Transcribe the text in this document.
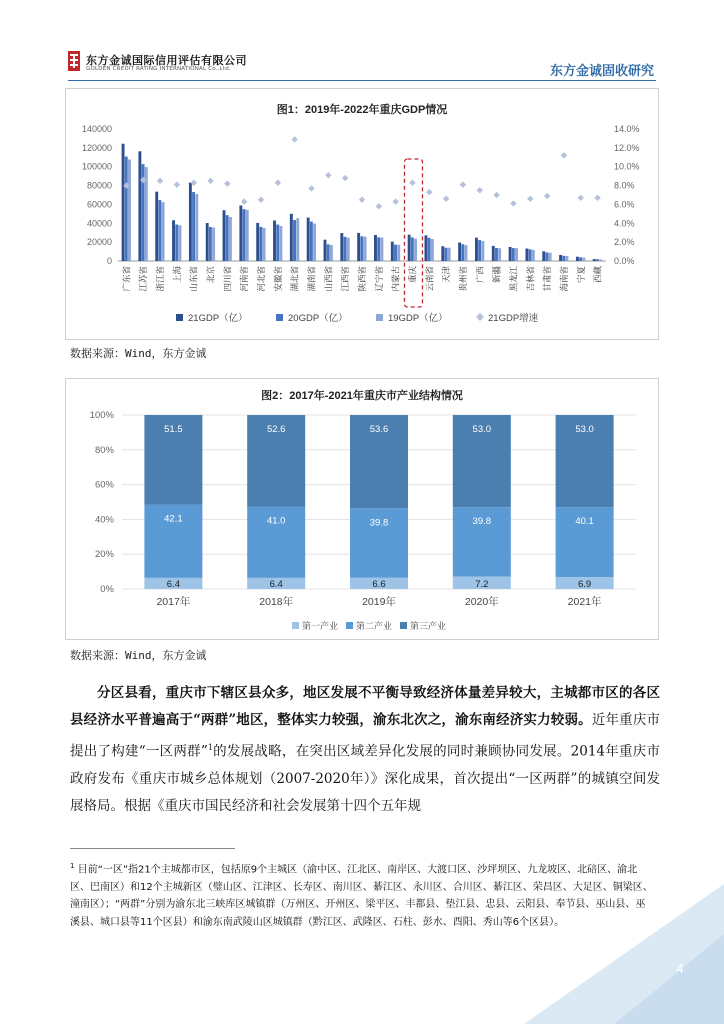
东方金诚国际信用评估有限公司
GOLDEN CREDIT RATING INTERNATIONAL Co.,Ltd.	东方金诚固收研究
图1：2019年-2022年重庆GDP情况
0
20000
40000
60000
80000
100000
120000
140000
0.0%
2.0%
4.0%
6.0%
8.0%
10.0%
12.0%
14.0%
广东省 江苏省 浙江省 上海 山东省 北京 四川省 河南省 河北省 安徽省 湖北省 湖南省 山西省 江西省 陕西省 辽宁省 内蒙古 重庆 云南省 天津 贵州省 广西 新疆 黑龙江 吉林省 甘肃省 海南省 宁夏 西藏
21GDP（亿）	20GDP（亿）	19GDP（亿）	21GDP增速
数据来源：Wind，东方金诚
图2：2017年-2021年重庆市产业结构情况
0%
20%
40%
60%
80%
100%
6.4
42.1
51.5
2017年
6.4
41.0
52.6
2018年
6.6
39.8
53.6
2019年
7.2
39.8
53.0
2020年
6.9
40.1
53.0
2021年
第一产业 第二产业 第三产业
数据来源：Wind，东方金诚
分区县看，重庆市下辖区县众多，地区发展不平衡导致经济体量差异较大，主城都市区的各区县经济水平普遍高于“两群”地区，整体实力较强，渝东北次之，渝东南经济实力较弱。近年重庆市提出了构建“一区两群”$^1$的发展战略，在突出区域差异化发展的同时兼顾协同发展。2014年重庆市政府发布《重庆市城乡总体规划（2007-2020年）》深化成果，首次提出“一区两群”的城镇空间发展格局。根据《重庆市国民经济和社会发展第十四个五年规
$^1$ 目前“一区”指21个主城都市区，包括原9个主城区（渝中区、江北区、南岸区、大渡口区、沙坪坝区、九龙坡区、北碚区、渝北区、巴南区）和12个主城新区（璧山区、江津区、长寿区、南川区、綦江区、永川区、合川区、綦江区、荣昌区、大足区、铜梁区、潼南区）；“两群”分别为渝东北三峡库区城镇群（万州区、开州区、梁平区、丰都县、垫江县、忠县、云阳县、奉节县、巫山县、巫溪县、城口县等11个区县）和渝东南武陵山区城镇群（黔江区、武隆区、石柱、彭水、酉阳、秀山等6个区县）。
4
